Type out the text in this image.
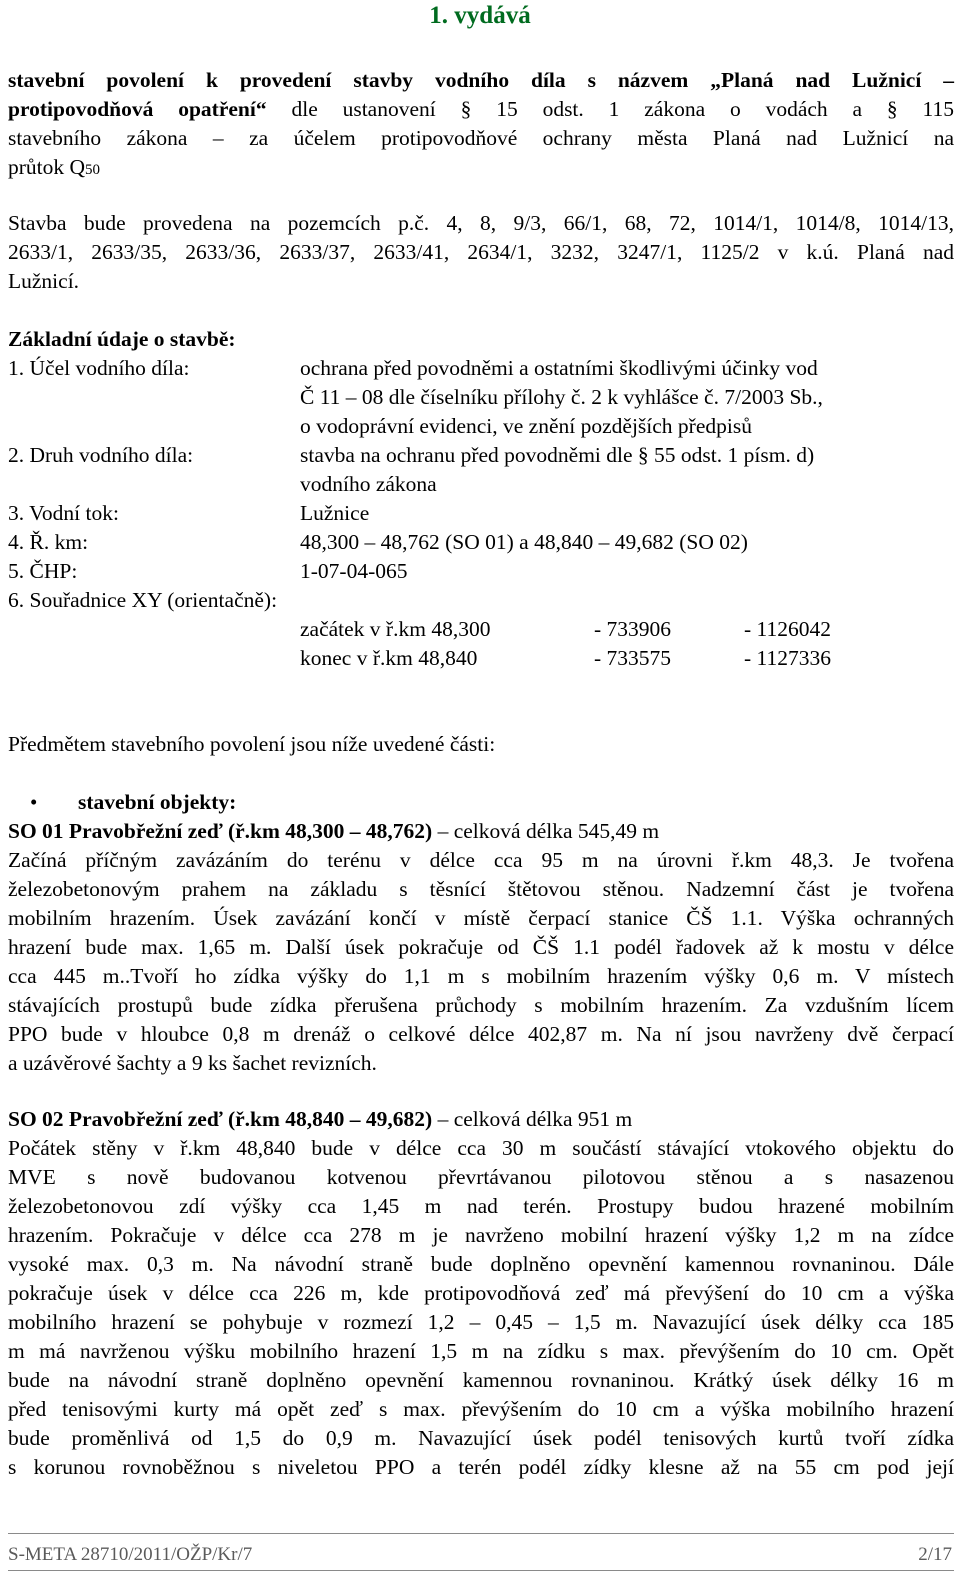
1. vydává
stavební povolení k provedení stavby vodního díla s názvem „Planá nad Lužnicí –
protipovodňová opatření“ dle ustanovení § 15 odst. 1 zákona o vodách a § 115
stavebního zákona – za účelem protipovodňové ochrany města Planá nad Lužnicí na
průtok Q50
Stavba bude provedena na pozemcích p.č. 4, 8, 9/3, 66/1, 68, 72, 1014/1, 1014/8, 1014/13,
2633/1, 2633/35, 2633/36, 2633/37, 2633/41, 2634/1, 3232, 3247/1, 1125/2 v k.ú. Planá nad
Lužnicí.
Základní údaje o stavbě:
1. Účel vodního díla:	ochrana před povodněmi a ostatními škodlivými účinky vod
Č 11 – 08 dle číselníku přílohy č. 2 k vyhlášce č. 7/2003 Sb.,
o vodoprávní evidenci, ve znění pozdějších předpisů
2. Druh vodního díla:	stavba na ochranu před povodněmi dle § 55 odst. 1 písm. d)
vodního zákona
3. Vodní tok:	Lužnice
4. Ř. km:	48,300 – 48,762 (SO 01) a 48,840 – 49,682 (SO 02)
5. ČHP:	1-07-04-065
6. Souřadnice XY (orientačně):
začátek v ř.km 48,300	- 733906	- 1126042
konec v ř.km 48,840	- 733575	- 1127336
Předmětem stavebního povolení jsou níže uvedené části:
• stavební objekty:
SO 01 Pravobřežní zeď (ř.km 48,300 – 48,762) – celková délka 545,49 m
Začíná příčným zavázáním do terénu v délce cca 95 m na úrovni ř.km 48,3. Je tvořena
železobetonovým prahem na základu s těsnící štětovou stěnou. Nadzemní část je tvořena
mobilním hrazením. Úsek zavázání končí v místě čerpací stanice ČŠ 1.1. Výška ochranných
hrazení bude max. 1,65 m. Další úsek pokračuje od ČŠ 1.1 podél řadovek až k mostu v délce
cca 445 m..Tvoří ho zídka výšky do 1,1 m s mobilním hrazením výšky 0,6 m. V místech
stávajících prostupů bude zídka přerušena průchody s mobilním hrazením. Za vzdušním lícem
PPO bude v hloubce 0,8 m drenáž o celkové délce 402,87 m. Na ní jsou navrženy dvě čerpací
a uzávěrové šachty a 9 ks šachet revizních.
SO 02 Pravobřežní zeď (ř.km 48,840 – 49,682) – celková délka 951 m
Počátek stěny v ř.km 48,840 bude v délce cca 30 m součástí stávající vtokového objektu do
MVE s nově budovanou kotvenou převrtávanou pilotovou stěnou a s nasazenou
železobetonovou zdí výšky cca 1,45 m nad terén. Prostupy budou hrazené mobilním
hrazením. Pokračuje v délce cca 278 m je navrženo mobilní hrazení výšky 1,2 m na zídce
vysoké max. 0,3 m. Na návodní straně bude doplněno opevnění kamennou rovnaninou. Dále
pokračuje úsek v délce cca 226 m, kde protipovodňová zeď má převýšení do 10 cm a výška
mobilního hrazení se pohybuje v rozmezí 1,2 – 0,45 – 1,5 m. Navazující úsek délky cca 185
m má navrženou výšku mobilního hrazení 1,5 m na zídku s max. převýšením do 10 cm. Opět
bude na návodní straně doplněno opevnění kamennou rovnaninou. Krátký úsek délky 16 m
před tenisovými kurty má opět zeď s max. převýšením do 10 cm a výška mobilního hrazení
bude proměnlivá od 1,5 do 0,9 m. Navazující úsek podél tenisových kurtů tvoří zídka
s korunou rovnoběžnou s niveletou PPO a terén podél zídky klesne až na 55 cm pod její
S-META 28710/2011/OŽP/Kr/7	2/17
